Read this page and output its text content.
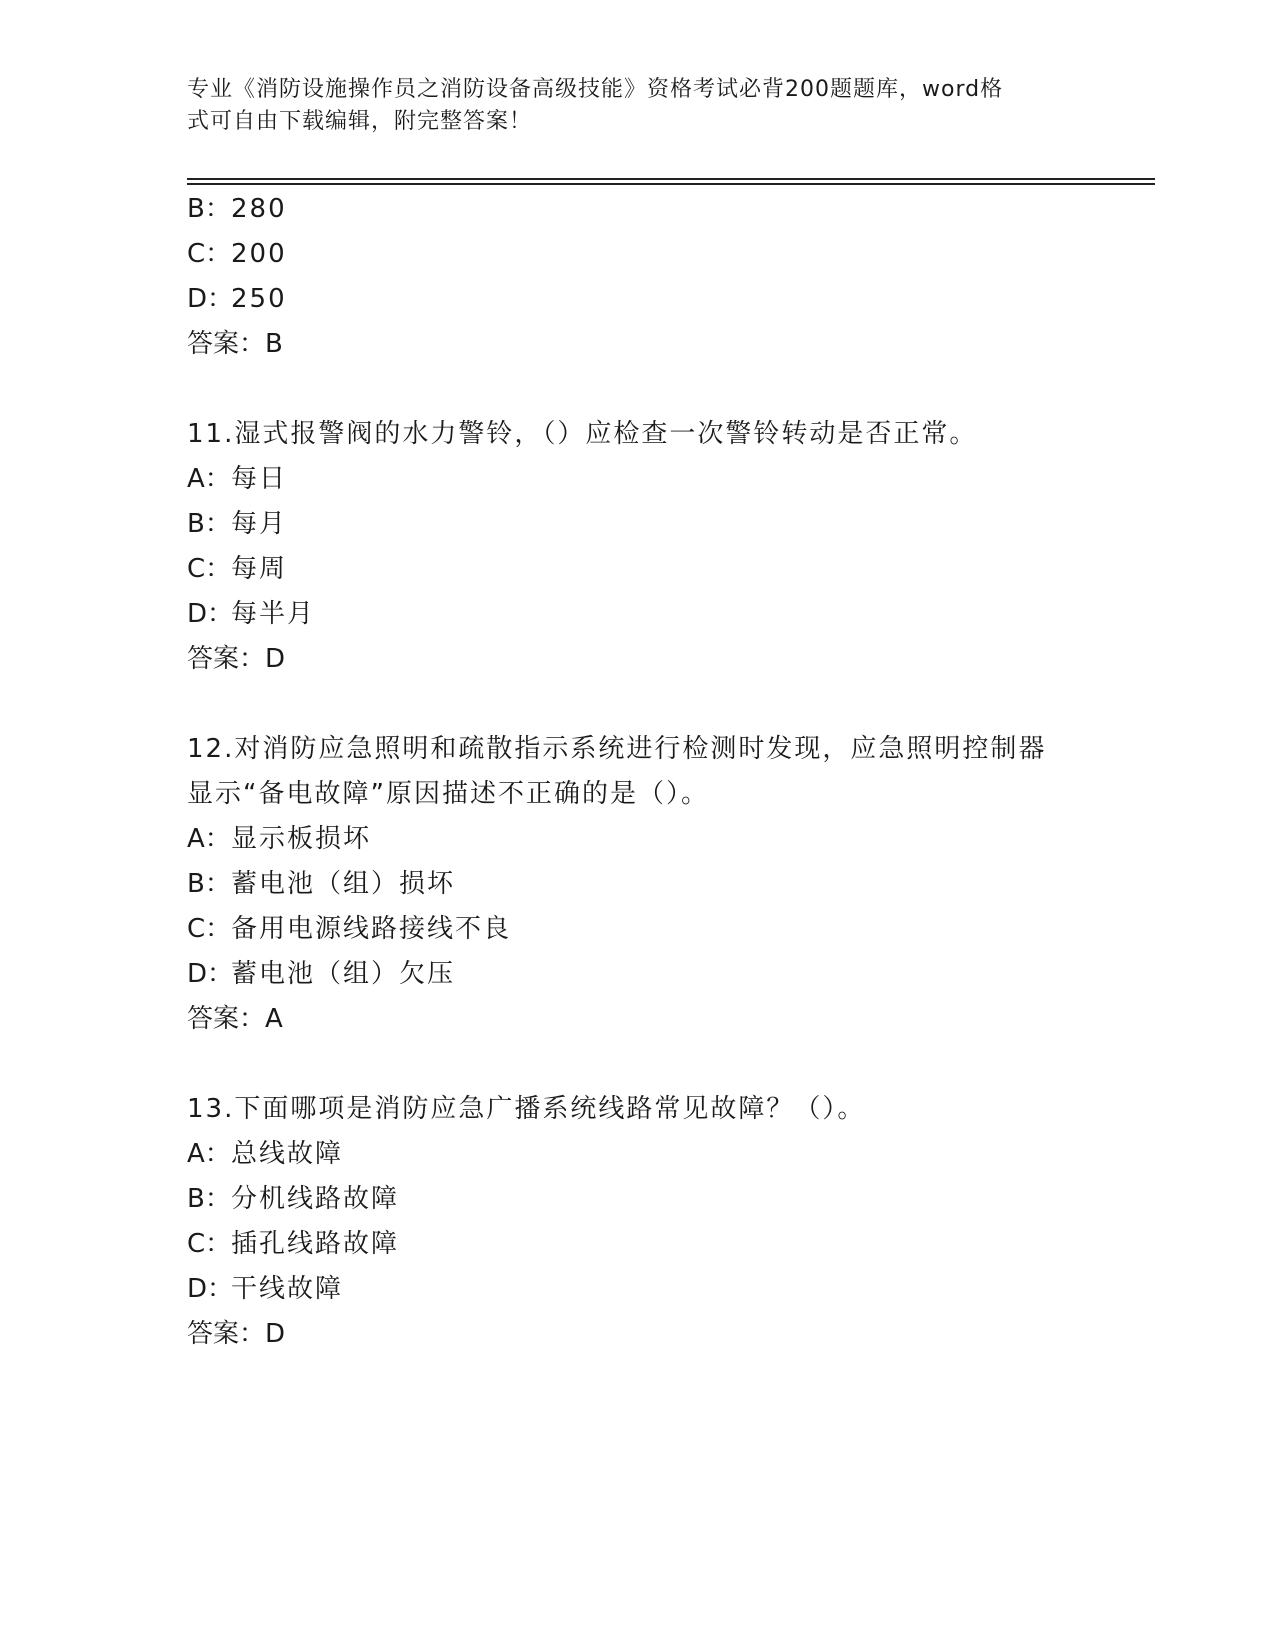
专业《消防设施操作员之消防设备高级技能》资格考试必背200题题库，word格
式可自由下载编辑，附完整答案！
B：280
C：200
D：250
答案：B
11.湿式报警阀的水力警铃，（）应检查一次警铃转动是否正常。
A：每日
B：每月
C：每周
D：每半月
答案：D
12.对消防应急照明和疏散指示系统进行检测时发现，应急照明控制器
显示“备电故障”原因描述不正确的是（）。
A：显示板损坏
B：蓄电池（组）损坏
C：备用电源线路接线不良
D：蓄电池（组）欠压
答案：A
13.下面哪项是消防应急广播系统线路常见故障？（）。
A：总线故障
B：分机线路故障
C：插孔线路故障
D：干线故障
答案：D
